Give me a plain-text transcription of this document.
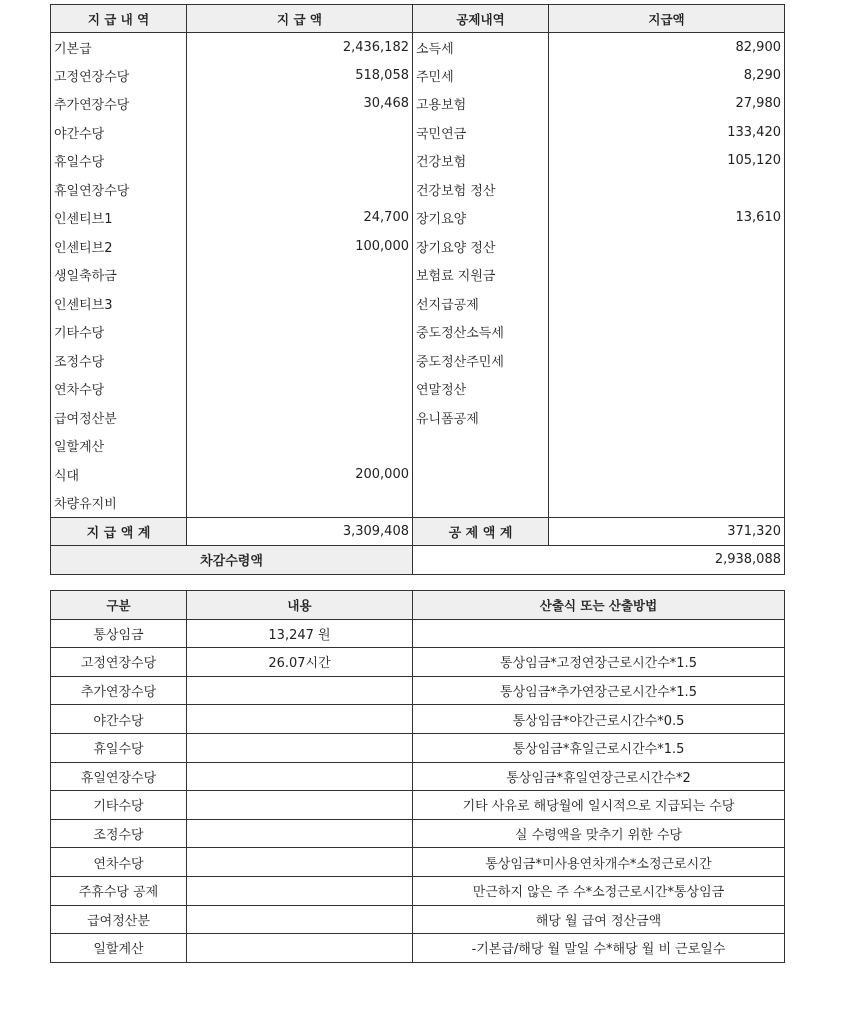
지 급 내 역	지 급 액	공제내역	지급액
기본급	2,436,182	소득세	82,900
고정연장수당	518,058	주민세	8,290
추가연장수당	30,468	고용보험	27,980
야간수당		국민연금	133,420
휴일수당		건강보험	105,120
휴일연장수당		건강보험 정산	
인센티브1	24,700	장기요양	13,610
인센티브2	100,000	장기요양 정산	
생일축하금		보험료 지원금	
인센티브3		선지급공제	
기타수당		중도정산소득세	
조정수당		중도정산주민세	
연차수당		연말정산	
급여정산분		유니폼공제	
일할계산			
식대	200,000		
차량유지비			
지 급 액 계	3,309,408	공 제 액 계	371,320
차감수령액		2,938,088	
구분	내용	산출식 또는 산출방법
통상임금	13,247 원	
고정연장수당	26.07시간	통상임금*고정연장근로시간수*1.5
추가연장수당		통상임금*추가연장근로시간수*1.5
야간수당		통상임금*야간근로시간수*0.5
휴일수당		통상임금*휴일근로시간수*1.5
휴일연장수당		통상임금*휴일연장근로시간수*2
기타수당		기타 사유로 해당월에 일시적으로 지급되는 수당
조정수당		실 수령액을 맞추기 위한 수당
연차수당		통상임금*미사용연차개수*소정근로시간
주휴수당 공제		만근하지 않은 주 수*소정근로시간*통상임금
급여정산분		해당 월 급여 정산금액
일할계산		-기본급/해당 월 말일 수*해당 월 비 근로일수
